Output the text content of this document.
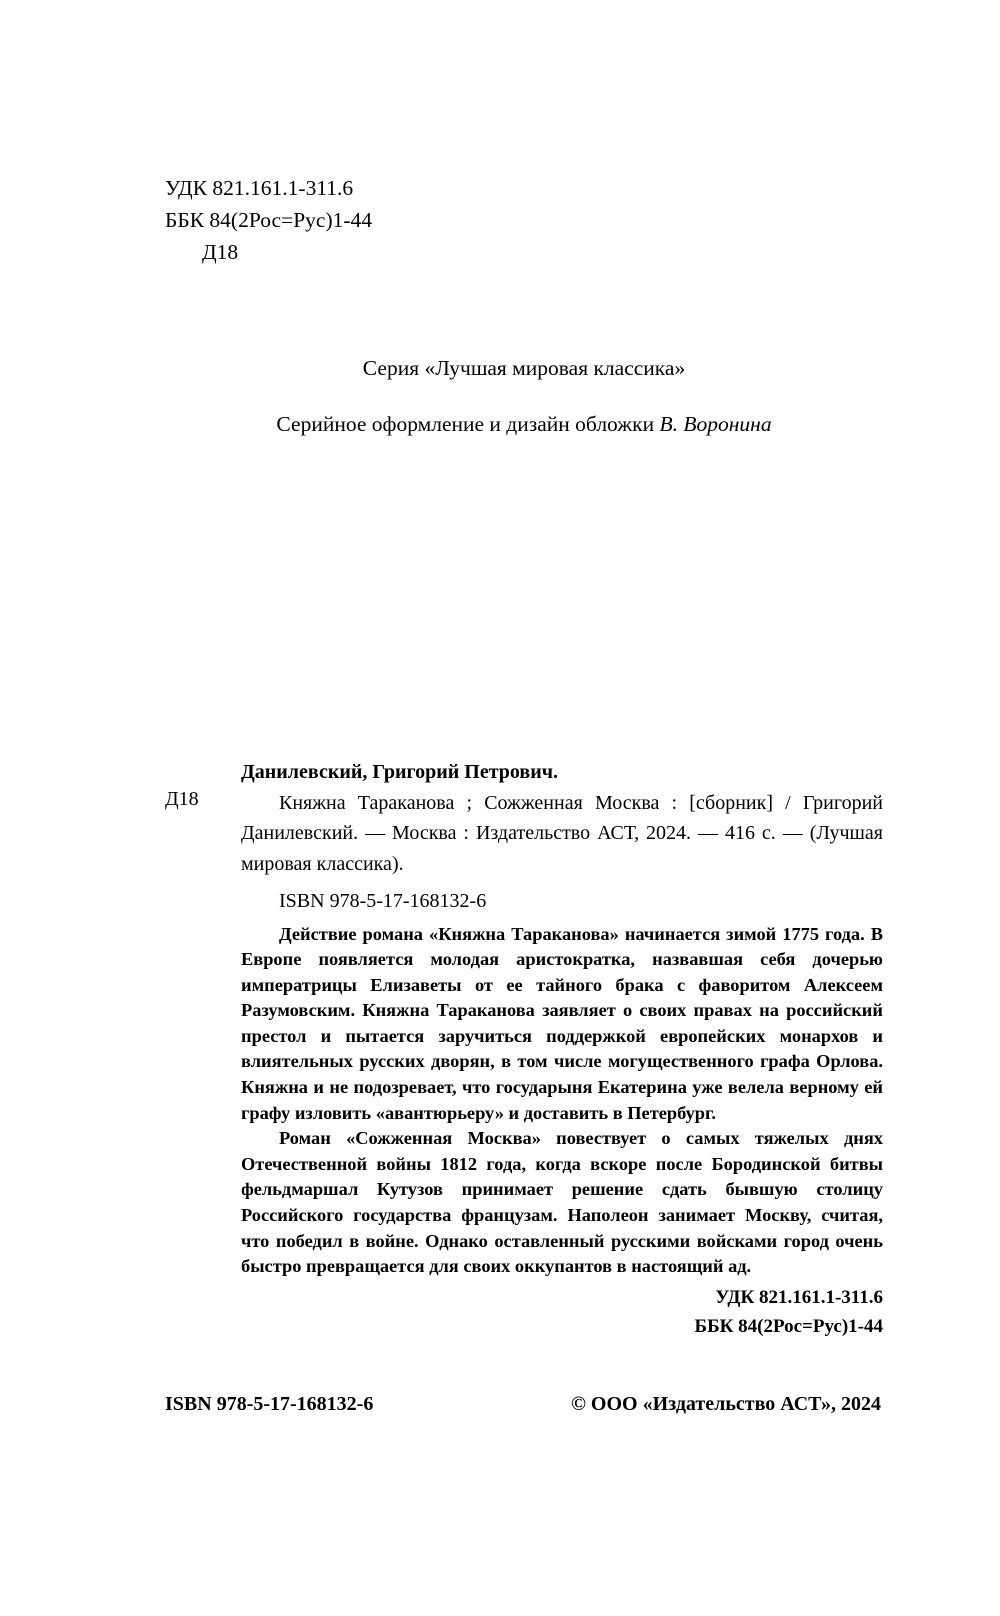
УДК 821.161.1-311.6
ББК 84(2Рос=Рус)1-44
Д18
Серия «Лучшая мировая классика»
Серийное оформление и дизайн обложки В. Воронина
Д18
Данилевский, Григорий Петрович.

Княжна Тараканова ; Сожженная Москва : [сборник] / Григорий Данилевский. — Москва : Издательство АСТ, 2024. — 416 с. — (Лучшая мировая классика).

ISBN 978-5-17-168132-6

Действие романа «Княжна Тараканова» начинается зимой 1775 года. В Европе появляется молодая аристократка, назвавшая себя дочерью императрицы Елизаветы от ее тайного брака с фаворитом Алексеем Разумовским. Княжна Тараканова заявляет о своих правах на российский престол и пытается заручиться поддержкой европейских монархов и влиятельных русских дворян, в том числе могущественного графа Орлова. Княжна и не подозревает, что государыня Екатерина уже велела верному ей графу изловить «авантюрьеру» и доставить в Петербург.

Роман «Сожженная Москва» повествует о самых тяжелых днях Отечественной войны 1812 года, когда вскоре после Бородинской битвы фельдмаршал Кутузов принимает решение сдать бывшую столицу Российского государства французам. Наполеон занимает Москву, считая, что победил в войне. Однако оставленный русскими войсками город очень быстро превращается для своих оккупантов в настоящий ад.

УДК 821.161.1-311.6
ББК 84(2Рос=Рус)1-44
ISBN 978-5-17-168132-6	© ООО «Издательство АСТ», 2024
